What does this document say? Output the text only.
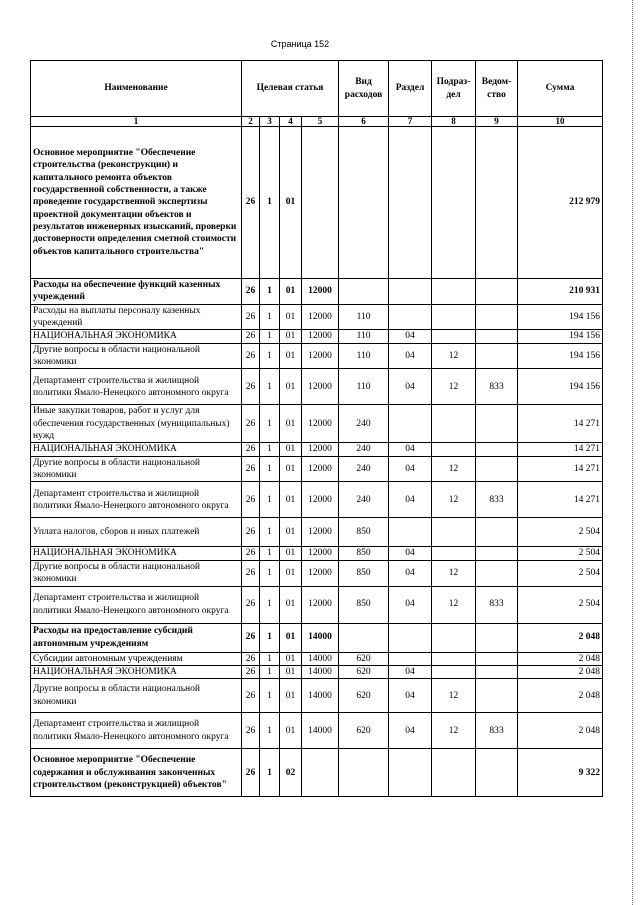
Страница 152
Наименование	Целевая статья				Вид расходов	Раздел	Подраз-дел	Ведом-ство	Сумма
1	2	3	4	5	6	7	8	9	10
Основное мероприятие "Обеспечение строительства (реконструкции) и капитального ремонта объектов государственной собственности, а также проведение государственной экспертизы проектной документации объектов и результатов инженерных изысканий, проверки достоверности определения сметной стоимости объектов капитального строительства"	26	1	01						212 979
Расходы на обеспечение функций казенных учреждений	26	1	01	12000					210 931
Расходы на выплаты персоналу казенных учреждений	26	1	01	12000	110				194 156
НАЦИОНАЛЬНАЯ ЭКОНОМИКА	26	1	01	12000	110	04			194 156
Другие вопросы в области национальной экономики	26	1	01	12000	110	04	12		194 156
Департамент строительства и жилищной политики Ямало-Ненецкого автономного округа	26	1	01	12000	110	04	12	833	194 156
Иные закупки товаров, работ и услуг для обеспечения государственных (муниципальных) нужд	26	1	01	12000	240				14 271
НАЦИОНАЛЬНАЯ ЭКОНОМИКА	26	1	01	12000	240	04			14 271
Другие вопросы в области национальной экономики	26	1	01	12000	240	04	12		14 271
Департамент строительства и жилищной политики Ямало-Ненецкого автономного округа	26	1	01	12000	240	04	12	833	14 271
Уплата налогов, сборов и иных платежей	26	1	01	12000	850				2 504
НАЦИОНАЛЬНАЯ ЭКОНОМИКА	26	1	01	12000	850	04			2 504
Другие вопросы в области национальной экономики	26	1	01	12000	850	04	12		2 504
Департамент строительства и жилищной политики Ямало-Ненецкого автономного округа	26	1	01	12000	850	04	12	833	2 504
Расходы на предоставление субсидий автономным учреждениям	26	1	01	14000					2 048
Субсидии автономным учреждениям	26	1	01	14000	620				2 048
НАЦИОНАЛЬНАЯ ЭКОНОМИКА	26	1	01	14000	620	04			2 048
Другие вопросы в области национальной экономики	26	1	01	14000	620	04	12		2 048
Департамент строительства и жилищной политики Ямало-Ненецкого автономного округа	26	1	01	14000	620	04	12	833	2 048
Основное мероприятие "Обеспечение содержания и обслуживания законченных строительством (реконструкцией) объектов"	26	1	02						9 322
